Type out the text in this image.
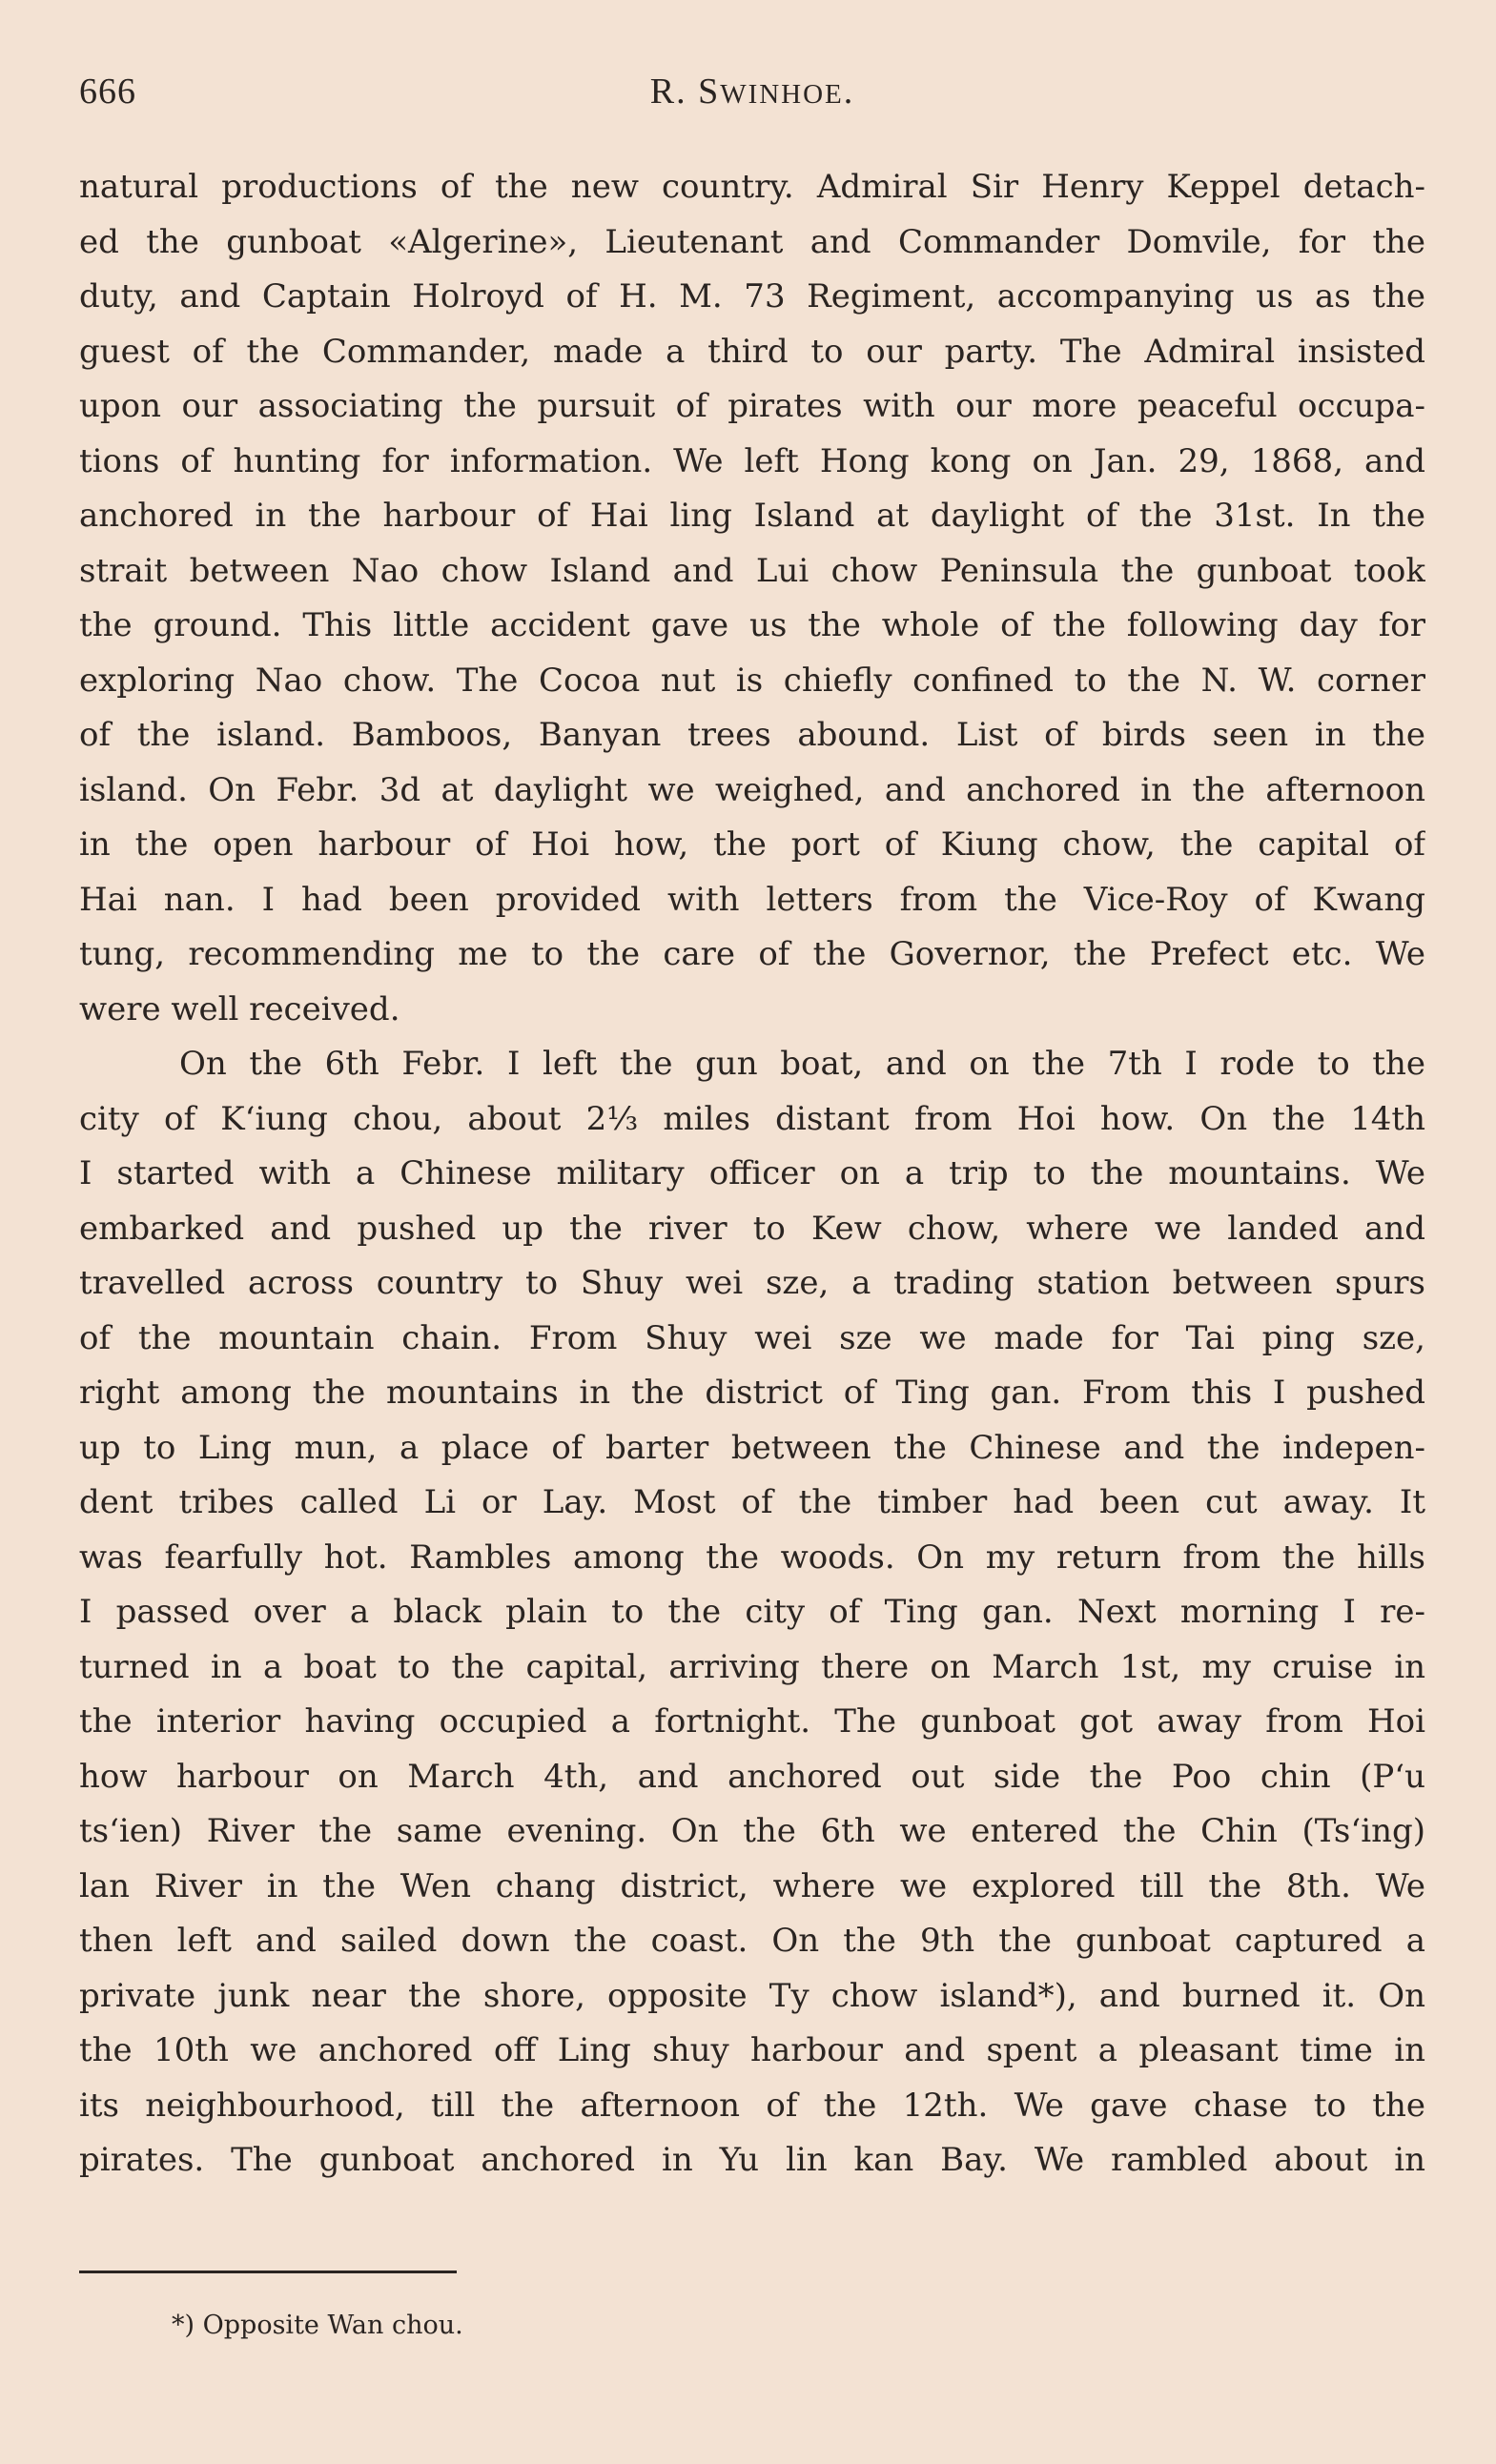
666	R. SWINHOE.
natural productions of the new country. Admiral Sir Henry Keppel detach-
ed the gunboat «Algerine», Lieutenant and Commander Domvile, for the
duty, and Captain Holroyd of H. M. 73 Regiment, accompanying us as the
guest of the Commander, made a third to our party. The Admiral insisted
upon our associating the pursuit of pirates with our more peaceful occupa-
tions of hunting for information. We left Hong kong on Jan. 29, 1868, and
anchored in the harbour of Hai ling Island at daylight of the 31st. In the
strait between Nao chow Island and Lui chow Peninsula the gunboat took
the ground. This little accident gave us the whole of the following day for
exploring Nao chow. The Cocoa nut is chiefly confined to the N. W. corner
of the island. Bamboos, Banyan trees abound. List of birds seen in the
island. On Febr. 3d at daylight we weighed, and anchored in the afternoon
in the open harbour of Hoi how, the port of Kiung chow, the capital of
Hai nan. I had been provided with letters from the Vice-Roy of Kwang
tung, recommending me to the care of the Governor, the Prefect etc. We
were well received.
On the 6th Febr. I left the gun boat, and on the 7th I rode to the
city of Kʻiung chou, about 2⅓ miles distant from Hoi how. On the 14th
I started with a Chinese military officer on a trip to the mountains. We
embarked and pushed up the river to Kew chow, where we landed and
travelled across country to Shuy wei sze, a trading station between spurs
of the mountain chain. From Shuy wei sze we made for Tai ping sze,
right among the mountains in the district of Ting gan. From this I pushed
up to Ling mun, a place of barter between the Chinese and the indepen-
dent tribes called Li or Lay. Most of the timber had been cut away. It
was fearfully hot. Rambles among the woods. On my return from the hills
I passed over a black plain to the city of Ting gan. Next morning I re-
turned in a boat to the capital, arriving there on March 1st, my cruise in
the interior having occupied a fortnight. The gunboat got away from Hoi
how harbour on March 4th, and anchored out side the Poo chin (Pʻu
tsʻien) River the same evening. On the 6th we entered the Chin (Tsʻing)
lan River in the Wen chang district, where we explored till the 8th. We
then left and sailed down the coast. On the 9th the gunboat captured a
private junk near the shore, opposite Ty chow island*), and burned it. On
the 10th we anchored off Ling shuy harbour and spent a pleasant time in
its neighbourhood, till the afternoon of the 12th. We gave chase to the
pirates. The gunboat anchored in Yu lin kan Bay. We rambled about in
*) Opposite Wan chou.
